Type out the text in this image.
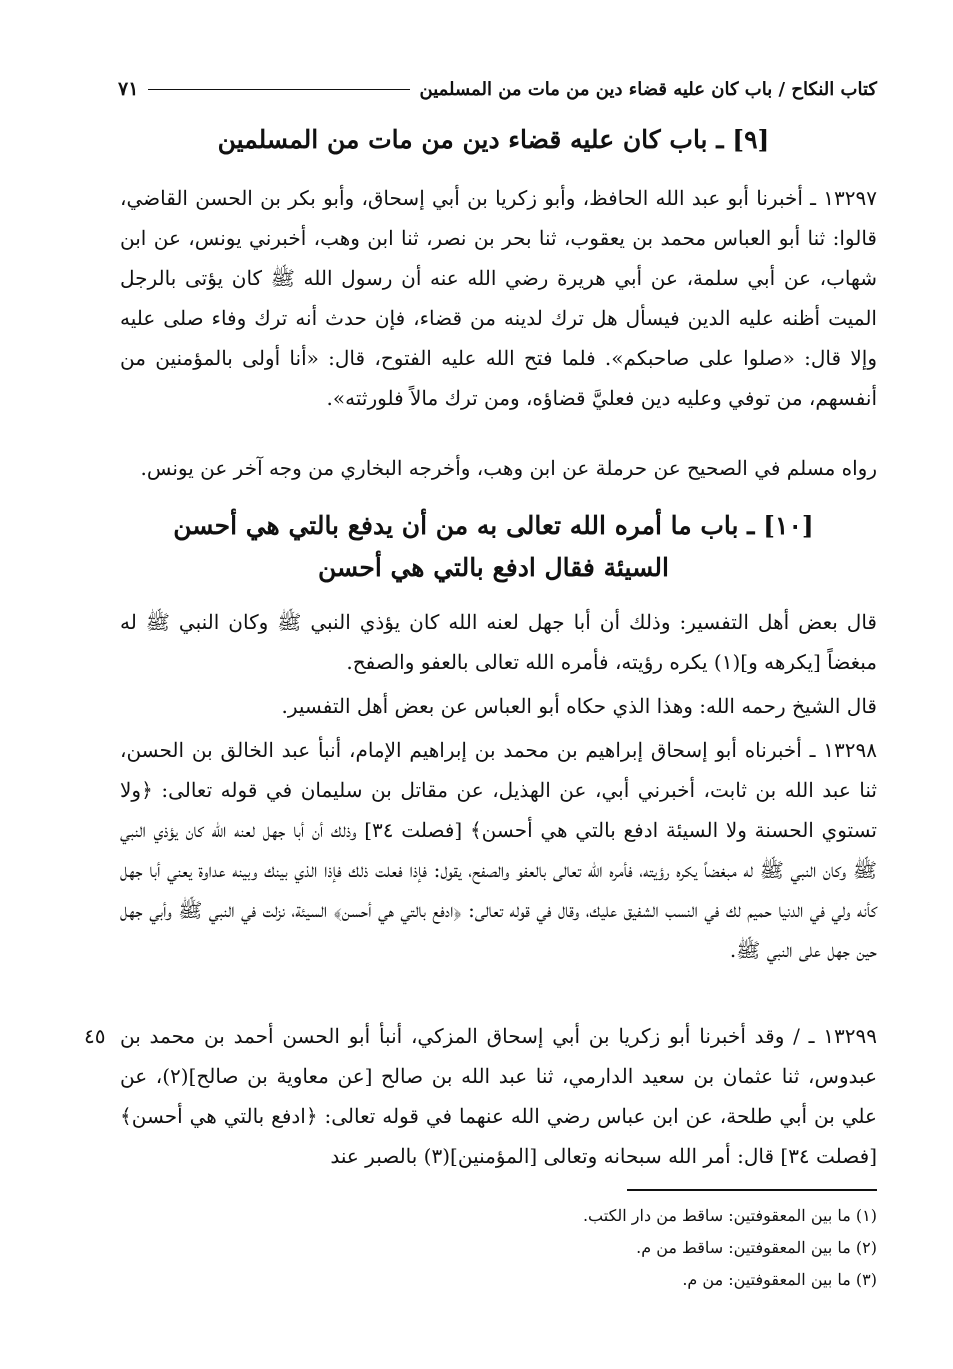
كتاب النكاح / باب كان عليه قضاء دين من مات من المسلمين
٧١
[٩] ـ باب كان عليه قضاء دين من مات من المسلمين
١٣٢٩٧ ـ أخبرنا أبو عبد الله الحافظ، وأبو زكريا بن أبي إسحاق، وأبو بكر بن الحسن القاضي، قالوا: ثنا أبو العباس محمد بن يعقوب، ثنا بحر بن نصر، ثنا ابن وهب، أخبرني يونس، عن ابن شهاب، عن أبي سلمة، عن أبي هريرة رضي الله عنه أن رسول الله ﷺ كان يؤتى بالرجل الميت أظنه عليه الدين فيسأل هل ترك لدينه من قضاء، فإن حدث أنه ترك وفاء صلى عليه وإلا قال: «صلوا على صاحبكم». فلما فتح الله عليه الفتوح، قال: «أنا أولى بالمؤمنين من أنفسهم، من توفي وعليه دين فعليَّ قضاؤه، ومن ترك مالاً فلورثته».
رواه مسلم في الصحيح عن حرملة عن ابن وهب، وأخرجه البخاري من وجه آخر عن يونس.
[١٠] ـ باب ما أمره الله تعالى به من أن يدفع بالتي هي أحسن
السيئة فقال ادفع بالتي هي أحسن
قال بعض أهل التفسير: وذلك أن أبا جهل لعنه الله كان يؤذي النبي ﷺ وكان النبي ﷺ له مبغضاً [يكرهه و](١) يكره رؤيته، فأمره الله تعالى بالعفو والصفح.
قال الشيخ رحمه الله: وهذا الذي حكاه أبو العباس عن بعض أهل التفسير.
١٣٢٩٨ ـ أخبرناه أبو إسحاق إبراهيم بن محمد بن إبراهيم الإمام، أنبأ عبد الخالق بن الحسن، ثنا عبد الله بن ثابت، أخبرني أبي، عن الهذيل، عن مقاتل بن سليمان في قوله تعالى: ﴿ولا تستوي الحسنة ولا السيئة ادفع بالتي هي أحسن﴾ [فصلت ٣٤] وذلك أن أبا جهل لعنه الله كان يؤذي النبي ﷺ وكان النبي ﷺ له مبغضاً يكره رؤيته، فأمره الله تعالى بالعفو والصفح، يقول: فإذا فعلت ذلك فإذا الذي بينك وبينه عداوة يعني أبا جهل كأنه ولي في الدنيا حميم لك في النسب الشفيق عليك، وقال في قوله تعالى: ﴿ادفع بالتي هي أحسن﴾ السيئة، نزلت في النبي ﷺ وأبي جهل حين جهل على النبي ﷺ.
٤٥ ١٣٢٩٩ ـ / وقد أخبرنا أبو زكريا بن أبي إسحاق المزكي، أنبأ أبو الحسن أحمد بن محمد بن عبدوس، ثنا عثمان بن سعيد الدارمي، ثنا عبد الله بن صالح [عن معاوية بن صالح](٢)، عن علي بن أبي طلحة، عن ابن عباس رضي الله عنهما في قوله تعالى: ﴿ادفع بالتي هي أحسن﴾ [فصلت ٣٤] قال: أمر الله سبحانه وتعالى [المؤمنين](٣) بالصبر عند
(١) ما بين المعقوفتين: ساقط من دار الكتب.
(٢) ما بين المعقوفتين: ساقط من م.
(٣) ما بين المعقوفتين: من م.
